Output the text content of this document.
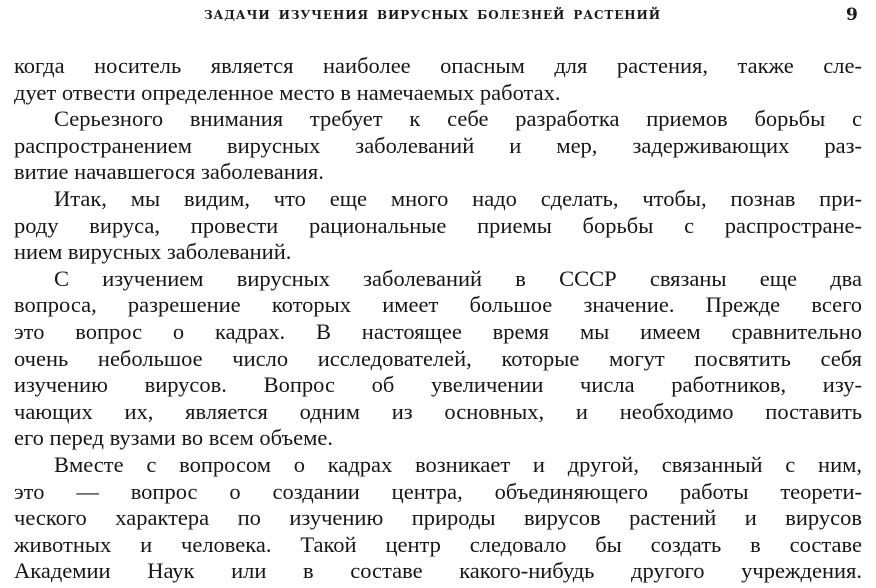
ЗАДАЧИ ИЗУЧЕНИЯ ВИРУСНЫХ БОЛЕЗНЕЙ РАСТЕНИЙ	9
когда носитель является наиболее опасным для растения, также сле-
дует отвести определенное место в намечаемых работах.
Серьезного внимания требует к себе разработка приемов борьбы с
распространением вирусных заболеваний и мер, задерживающих раз-
витие начавшегося заболевания.
Итак, мы видим, что еще много надо сделать, чтобы, познав при-
роду вируса, провести рациональные приемы борьбы с распростране-
нием вирусных заболеваний.
С изучением вирусных заболеваний в СССР связаны еще два
вопроса, разрешение которых имеет большое значение. Прежде всего
это вопрос о кадрах. В настоящее время мы имеем сравнительно
очень небольшое число исследователей, которые могут посвятить себя
изучению вирусов. Вопрос об увеличении числа работников, изу-
чающих их, является одним из основных, и необходимо поставить
его перед вузами во всем объеме.
Вместе с вопросом о кадрах возникает и другой, связанный с ним,
это — вопрос о создании центра, объединяющего работы теорети-
ческого характера по изучению природы вирусов растений и вирусов
животных и человека. Такой центр следовало бы создать в составе
Академии Наук или в составе какого-нибудь другого учреждения.
